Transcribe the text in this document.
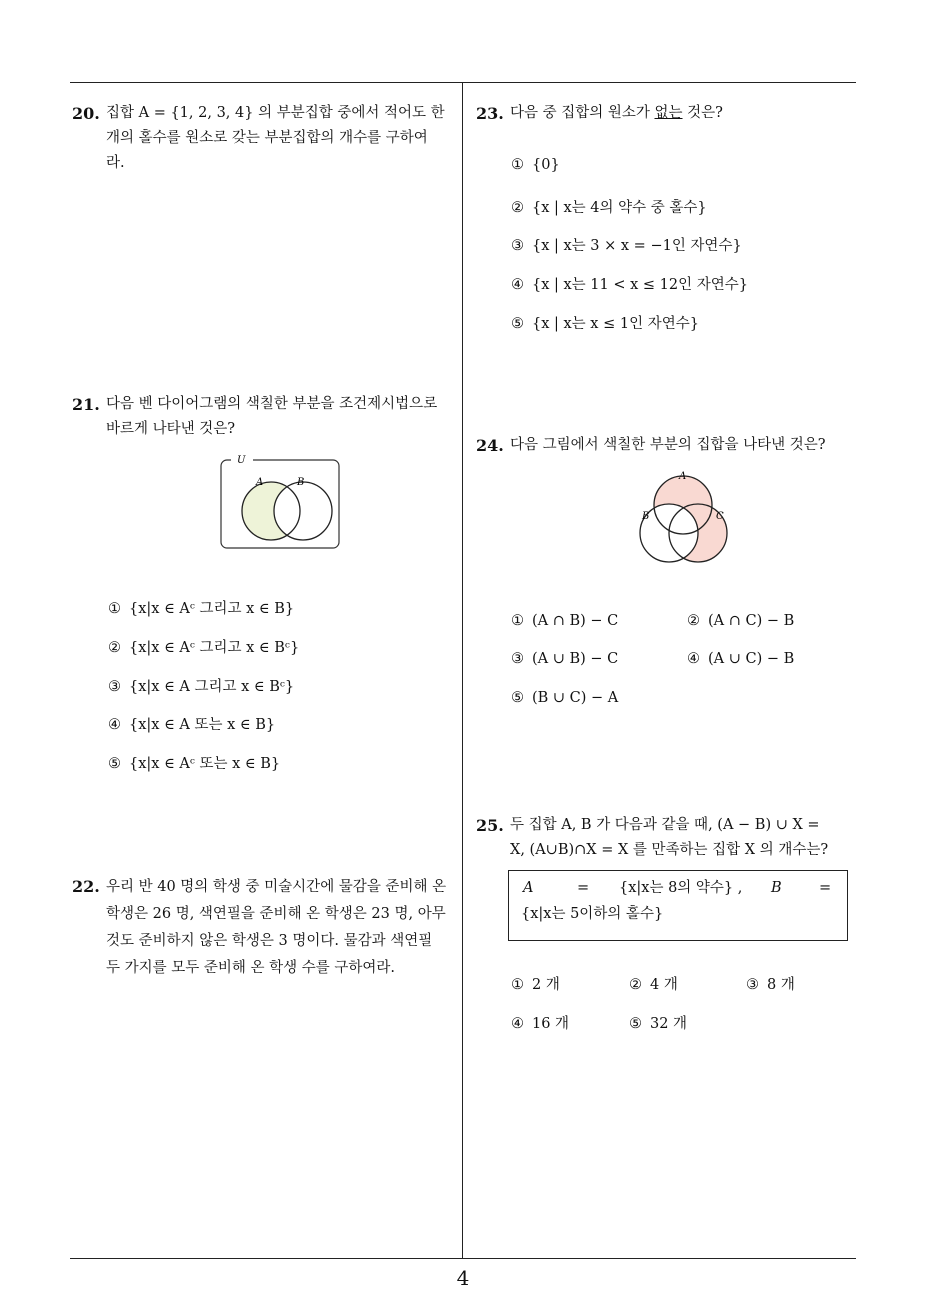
4
20. 집합 A = {1, 2, 3, 4} 의 부분집합 중에서 적어도 한
개의 홀수를 원소로 갖는 부분집합의 개수를 구하여
라.
21. 다음 벤 다이어그램의 색칠한 부분을 조건제시법으로
바르게 나타낸 것은?
U
A	B
① {x|x ∈ Aᶜ 그리고 x ∈ B}
② {x|x ∈ Aᶜ 그리고 x ∈ Bᶜ}
③ {x|x ∈ A 그리고 x ∈ Bᶜ}
④ {x|x ∈ A 또는 x ∈ B}
⑤ {x|x ∈ Aᶜ 또는 x ∈ B}
22. 우리 반 40 명의 학생 중 미술시간에 물감을 준비해 온
학생은 26 명, 색연필을 준비해 온 학생은 23 명, 아무
것도 준비하지 않은 학생은 3 명이다. 물감과 색연필
두 가지를 모두 준비해 온 학생 수를 구하여라.
23. 다음 중 집합의 원소가 없는 것은?
① {0}
② {x | x는 4의 약수 중 홀수}
③ {x | x는 3 × x = −1인 자연수}
④ {x | x는 11 < x ≤ 12인 자연수}
⑤ {x | x는 x ≤ 1인 자연수}
24. 다음 그림에서 색칠한 부분의 집합을 나타낸 것은?
A
B	C
① (A ∩ B) − C	② (A ∩ C) − B
③ (A ∪ B) − C	④ (A ∪ C) − B
⑤ (B ∪ C) − A
25. 두 집합 A, B 가 다음과 같을 때, (A − B) ∪ X =
X, (A∪B)∩X = X 를 만족하는 집합 X 의 개수는?
A	= {x|x는 8의 약수} , B	=
{x|x는 5이하의 홀수}
① 2 개	② 4 개	③ 8 개
④ 16 개	⑤ 32 개
